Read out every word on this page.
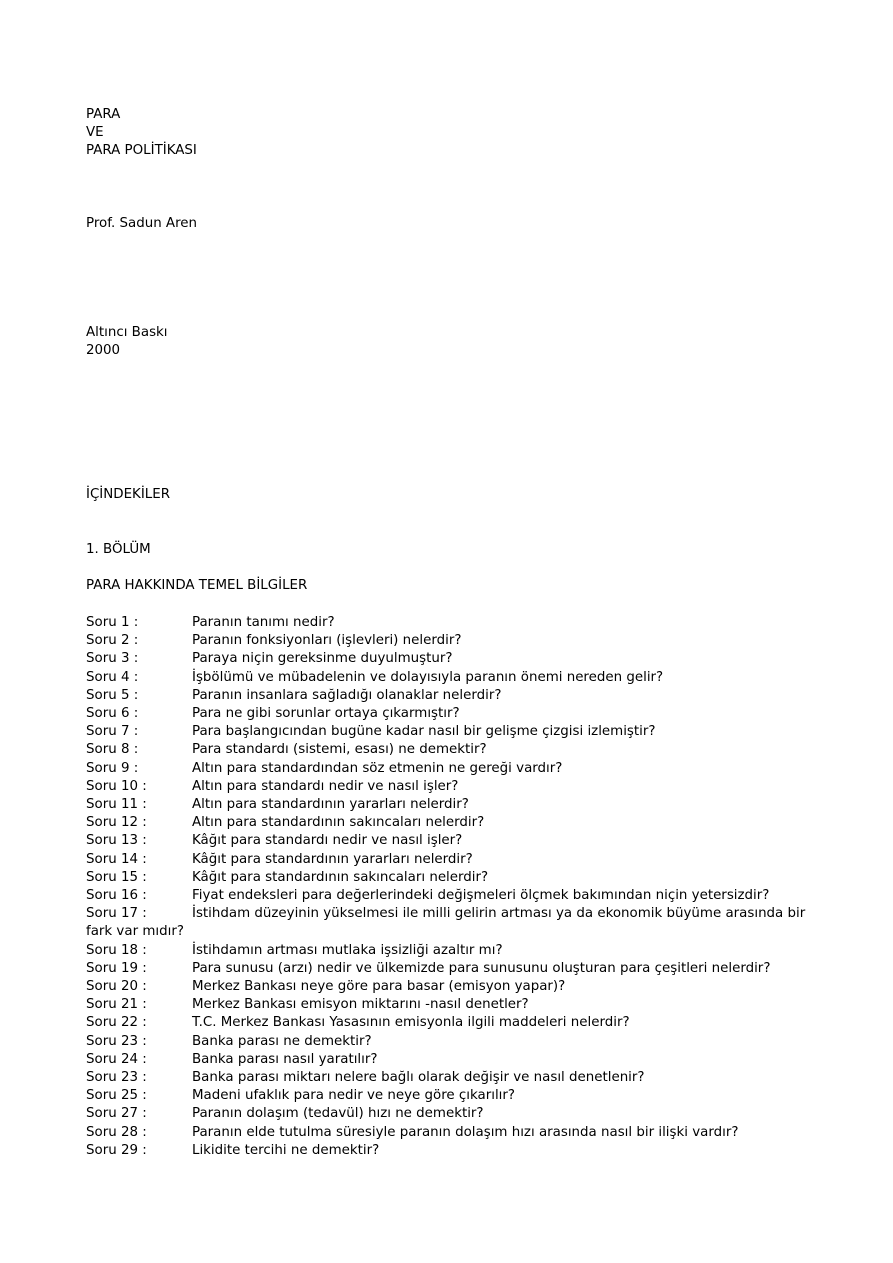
PARA
VE
PARA POLİTİKASI
Prof. Sadun Aren
Altıncı Baskı
2000
İÇİNDEKİLER
1. BÖLÜM
PARA HAKKINDA TEMEL BİLGİLER
Soru 1 :	Paranın tanımı nedir?
Soru 2 :	Paranın fonksiyonları (işlevleri) nelerdir?
Soru 3 :	Paraya niçin gereksinme duyulmuştur?
Soru 4 :	İşbölümü ve mübadelenin ve dolayısıyla paranın önemi nereden gelir?
Soru 5 :	Paranın insanlara sağladığı olanaklar nelerdir?
Soru 6 :	Para ne gibi sorunlar ortaya çıkarmıştır?
Soru 7 :	Para başlangıcından bugüne kadar nasıl bir gelişme çizgisi izlemiştir?
Soru 8 :	Para standardı (sistemi, esası) ne demektir?
Soru 9 :	Altın para standardından söz etmenin ne gereği vardır?
Soru 10 :	Altın para standardı nedir ve nasıl işler?
Soru 11 :	Altın para standardının yararları nelerdir?
Soru 12 :	Altın para standardının sakıncaları nelerdir?
Soru 13 :	Kâğıt para standardı nedir ve nasıl işler?
Soru 14 :	Kâğıt para standardının yararları nelerdir?
Soru 15 :	Kâğıt para standardının sakıncaları nelerdir?
Soru 16 :	Fiyat endeksleri para değerlerindeki değişmeleri ölçmek bakımından niçin yetersizdir?
Soru 17 :	İstihdam düzeyinin yükselmesi ile milli gelirin artması ya da ekonomik büyüme arasında bir fark var mıdır?
Soru 18 :	İstihdamın artması mutlaka işsizliği azaltır mı?
Soru 19 :	Para sunusu (arzı) nedir ve ülkemizde para sunusunu oluşturan para çeşitleri nelerdir?
Soru 20 :	Merkez Bankası neye göre para basar (emisyon yapar)?
Soru 21 :	Merkez Bankası emisyon miktarını -nasıl denetler?
Soru 22 :	T.C. Merkez Bankası Yasasının emisyonla ilgili maddeleri nelerdir?
Soru 23 :	Banka parası ne demektir?
Soru 24 :	Banka parası nasıl yaratılır?
Soru 23 :	Banka parası miktarı nelere bağlı olarak değişir ve nasıl denetlenir?
Soru 25 :	Madeni ufaklık para nedir ve neye göre çıkarılır?
Soru 27 :	Paranın dolaşım (tedavül) hızı ne demektir?
Soru 28 :	Paranın elde tutulma süresiyle paranın dolaşım hızı arasında nasıl bir ilişki vardır?
Soru 29 :	Likidite tercihi ne demektir?
